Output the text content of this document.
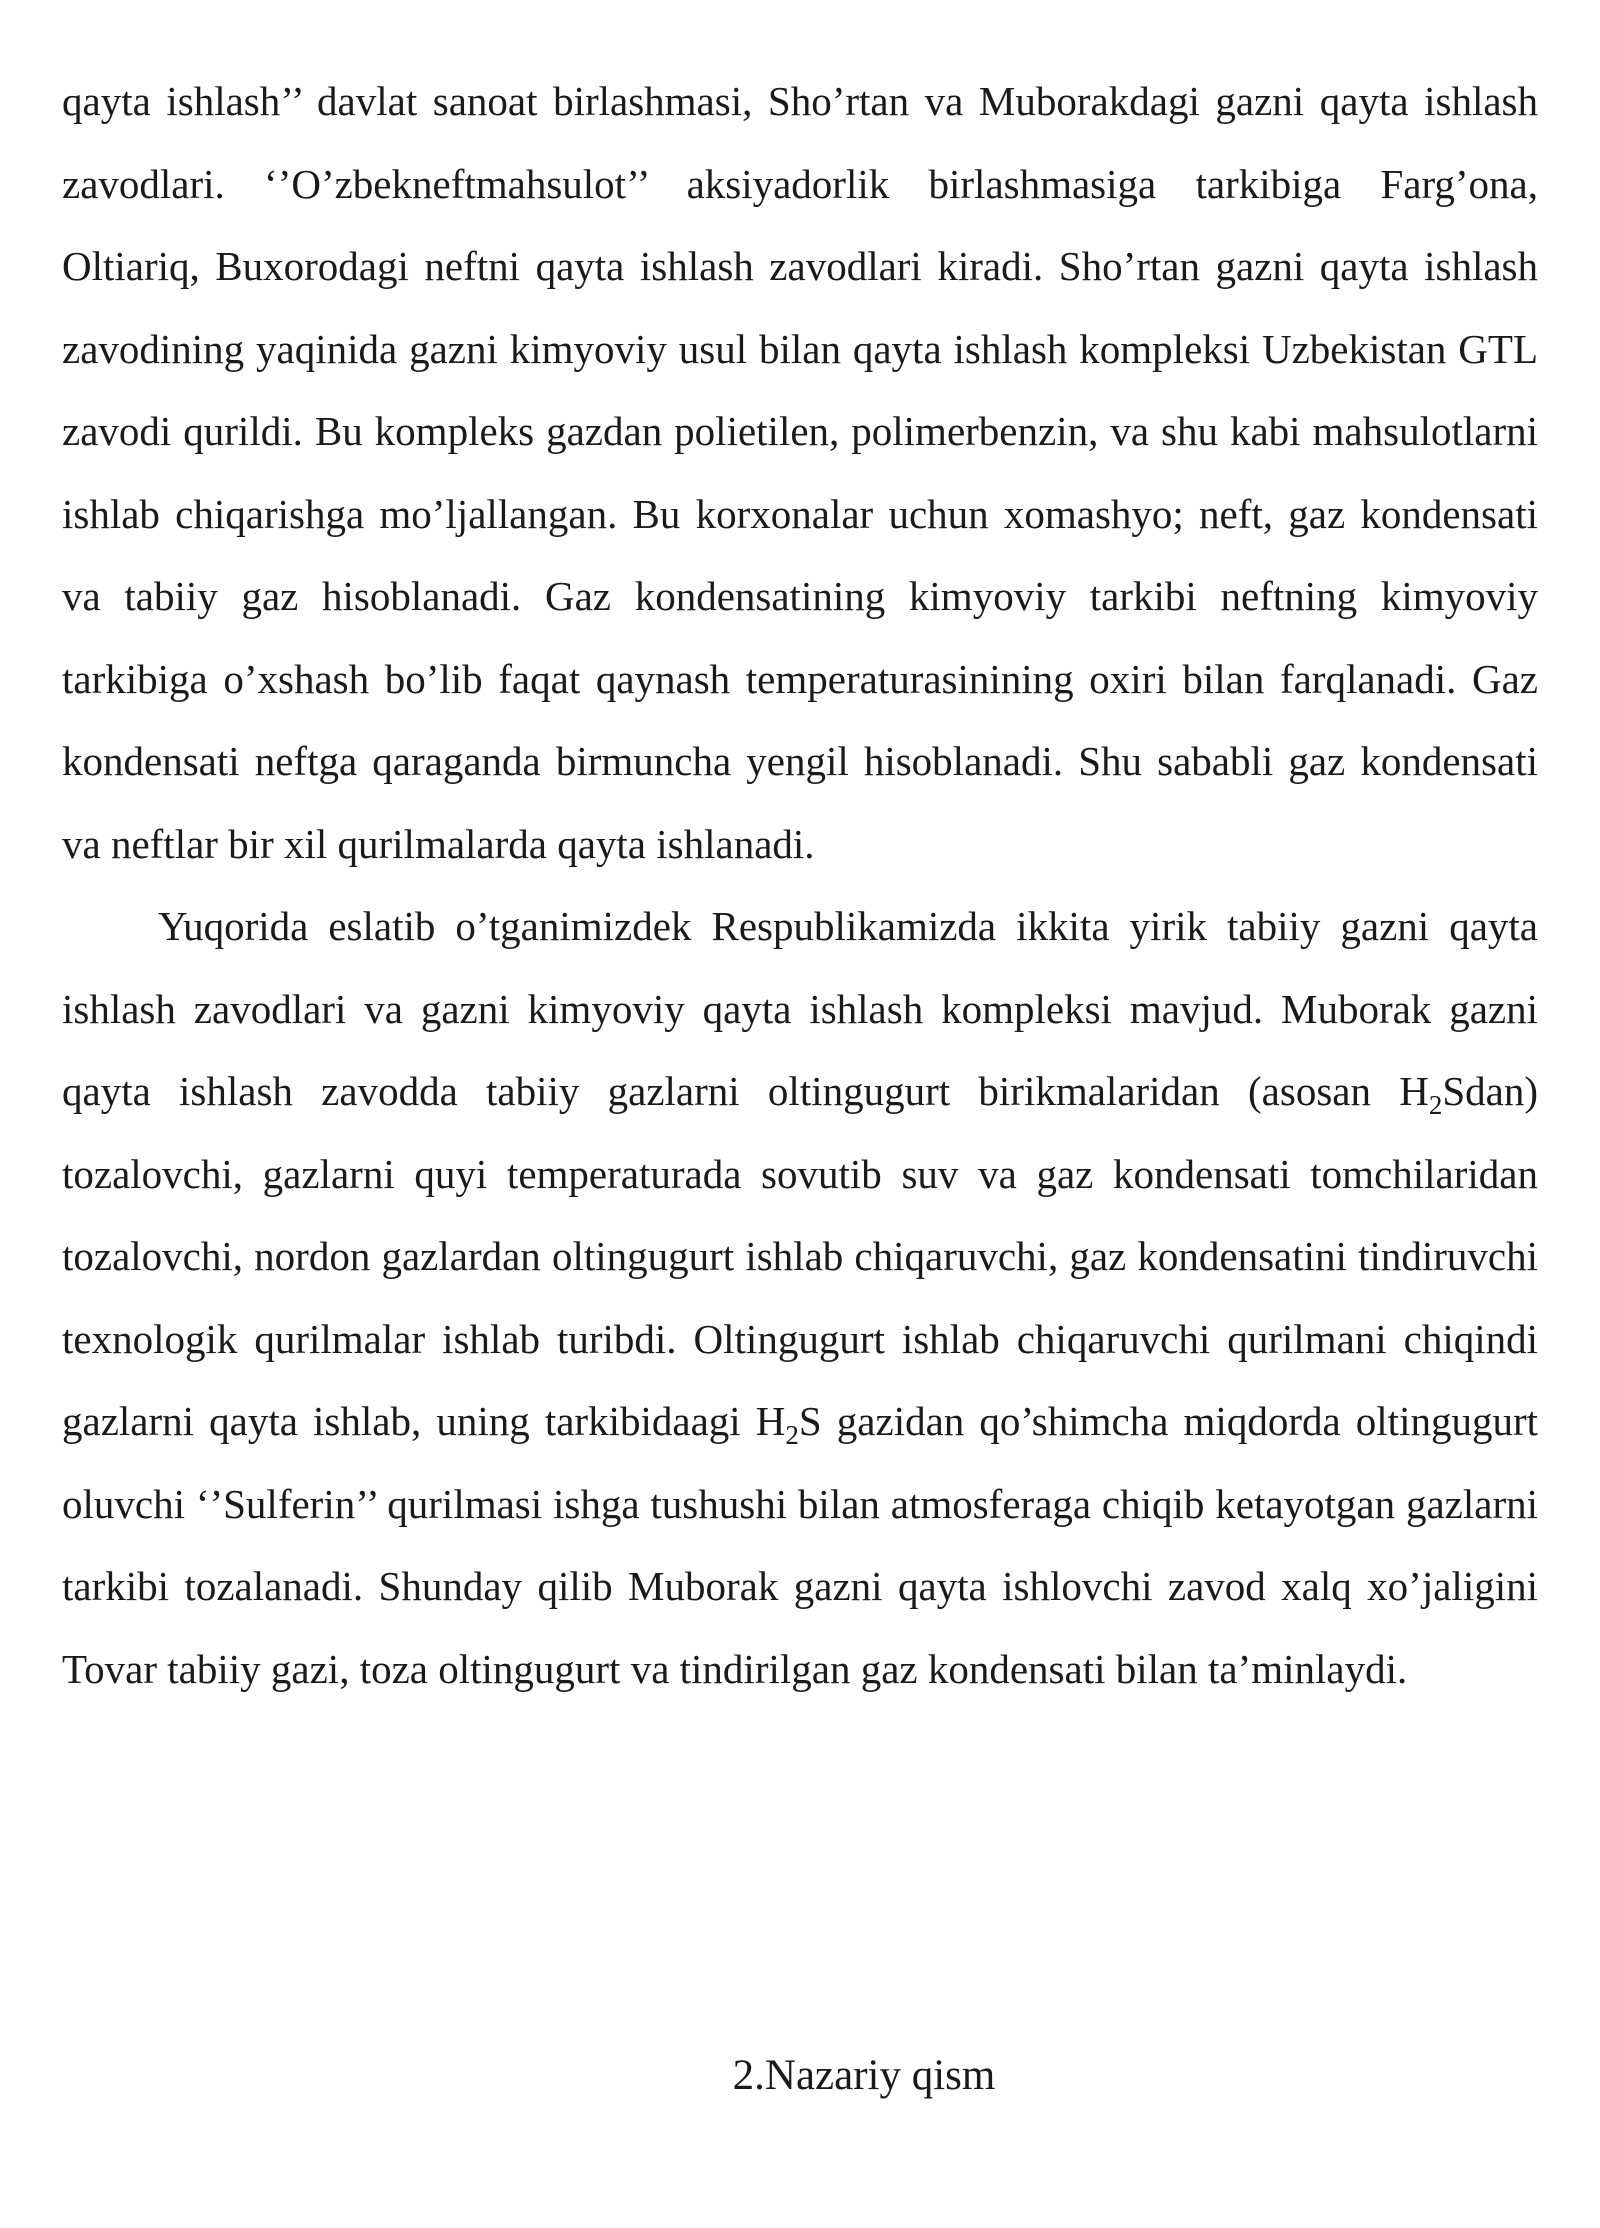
qayta ishlash’’ davlat sanoat birlashmasi, Sho’rtan va Muborakdagi gazni qayta ishlash zavodlari. ‘’O’zbekneftmahsulot’’ aksiyadorlik birlashmasiga tarkibiga Farg’ona, Oltiariq, Buxorodagi neftni qayta ishlash zavodlari kiradi. Sho’rtan gazni qayta ishlash zavodining yaqinida gazni kimyoviy usul bilan qayta ishlash kompleksi Uzbekistan GTL zavodi qurildi. Bu kompleks gazdan polietilen, polimerbenzin, va shu kabi mahsulotlarni ishlab chiqarishga mo’ljallangan. Bu korxonalar uchun xomashyo; neft, gaz kondensati va tabiiy gaz hisoblanadi. Gaz kondensatining kimyoviy tarkibi neftning kimyoviy tarkibiga o’xshash bo’lib faqat qaynash temperaturasinining oxiri bilan farqlanadi. Gaz kondensati neftga qaraganda birmuncha yengil hisoblanadi. Shu sababli gaz kondensati va neftlar bir xil qurilmalarda qayta ishlanadi.

Yuqorida eslatib o’tganimizdek Respublikamizda ikkita yirik tabiiy gazni qayta ishlash zavodlari va gazni kimyoviy qayta ishlash kompleksi mavjud. Muborak gazni qayta ishlash zavodda tabiiy gazlarni oltingugurt birikmalaridan (asosan $H_2Sdan$) tozalovchi, gazlarni quyi temperaturada sovutib suv va gaz kondensati tomchilaridan tozalovchi, nordon gazlardan oltingugurt ishlab chiqaruvchi, gaz kondensatini tindiruvchi texnologik qurilmalar ishlab turibdi. Oltingugurt ishlab chiqaruvchi qurilmani chiqindi gazlarni qayta ishlab, uning tarkibidaagi $H_2S$ gazidan qo’shimcha miqdorda oltingugurt oluvchi ‘’Sulferin’’ qurilmasi ishga tushushi bilan atmosferaga chiqib ketayotgan gazlarni tarkibi tozalanadi. Shunday qilib Muborak gazni qayta ishlovchi zavod xalq xo’jaligini Tovar tabiiy gazi, toza oltingugurt va tindirilgan gaz kondensati bilan ta’minlaydi.

2.Nazariy qism
